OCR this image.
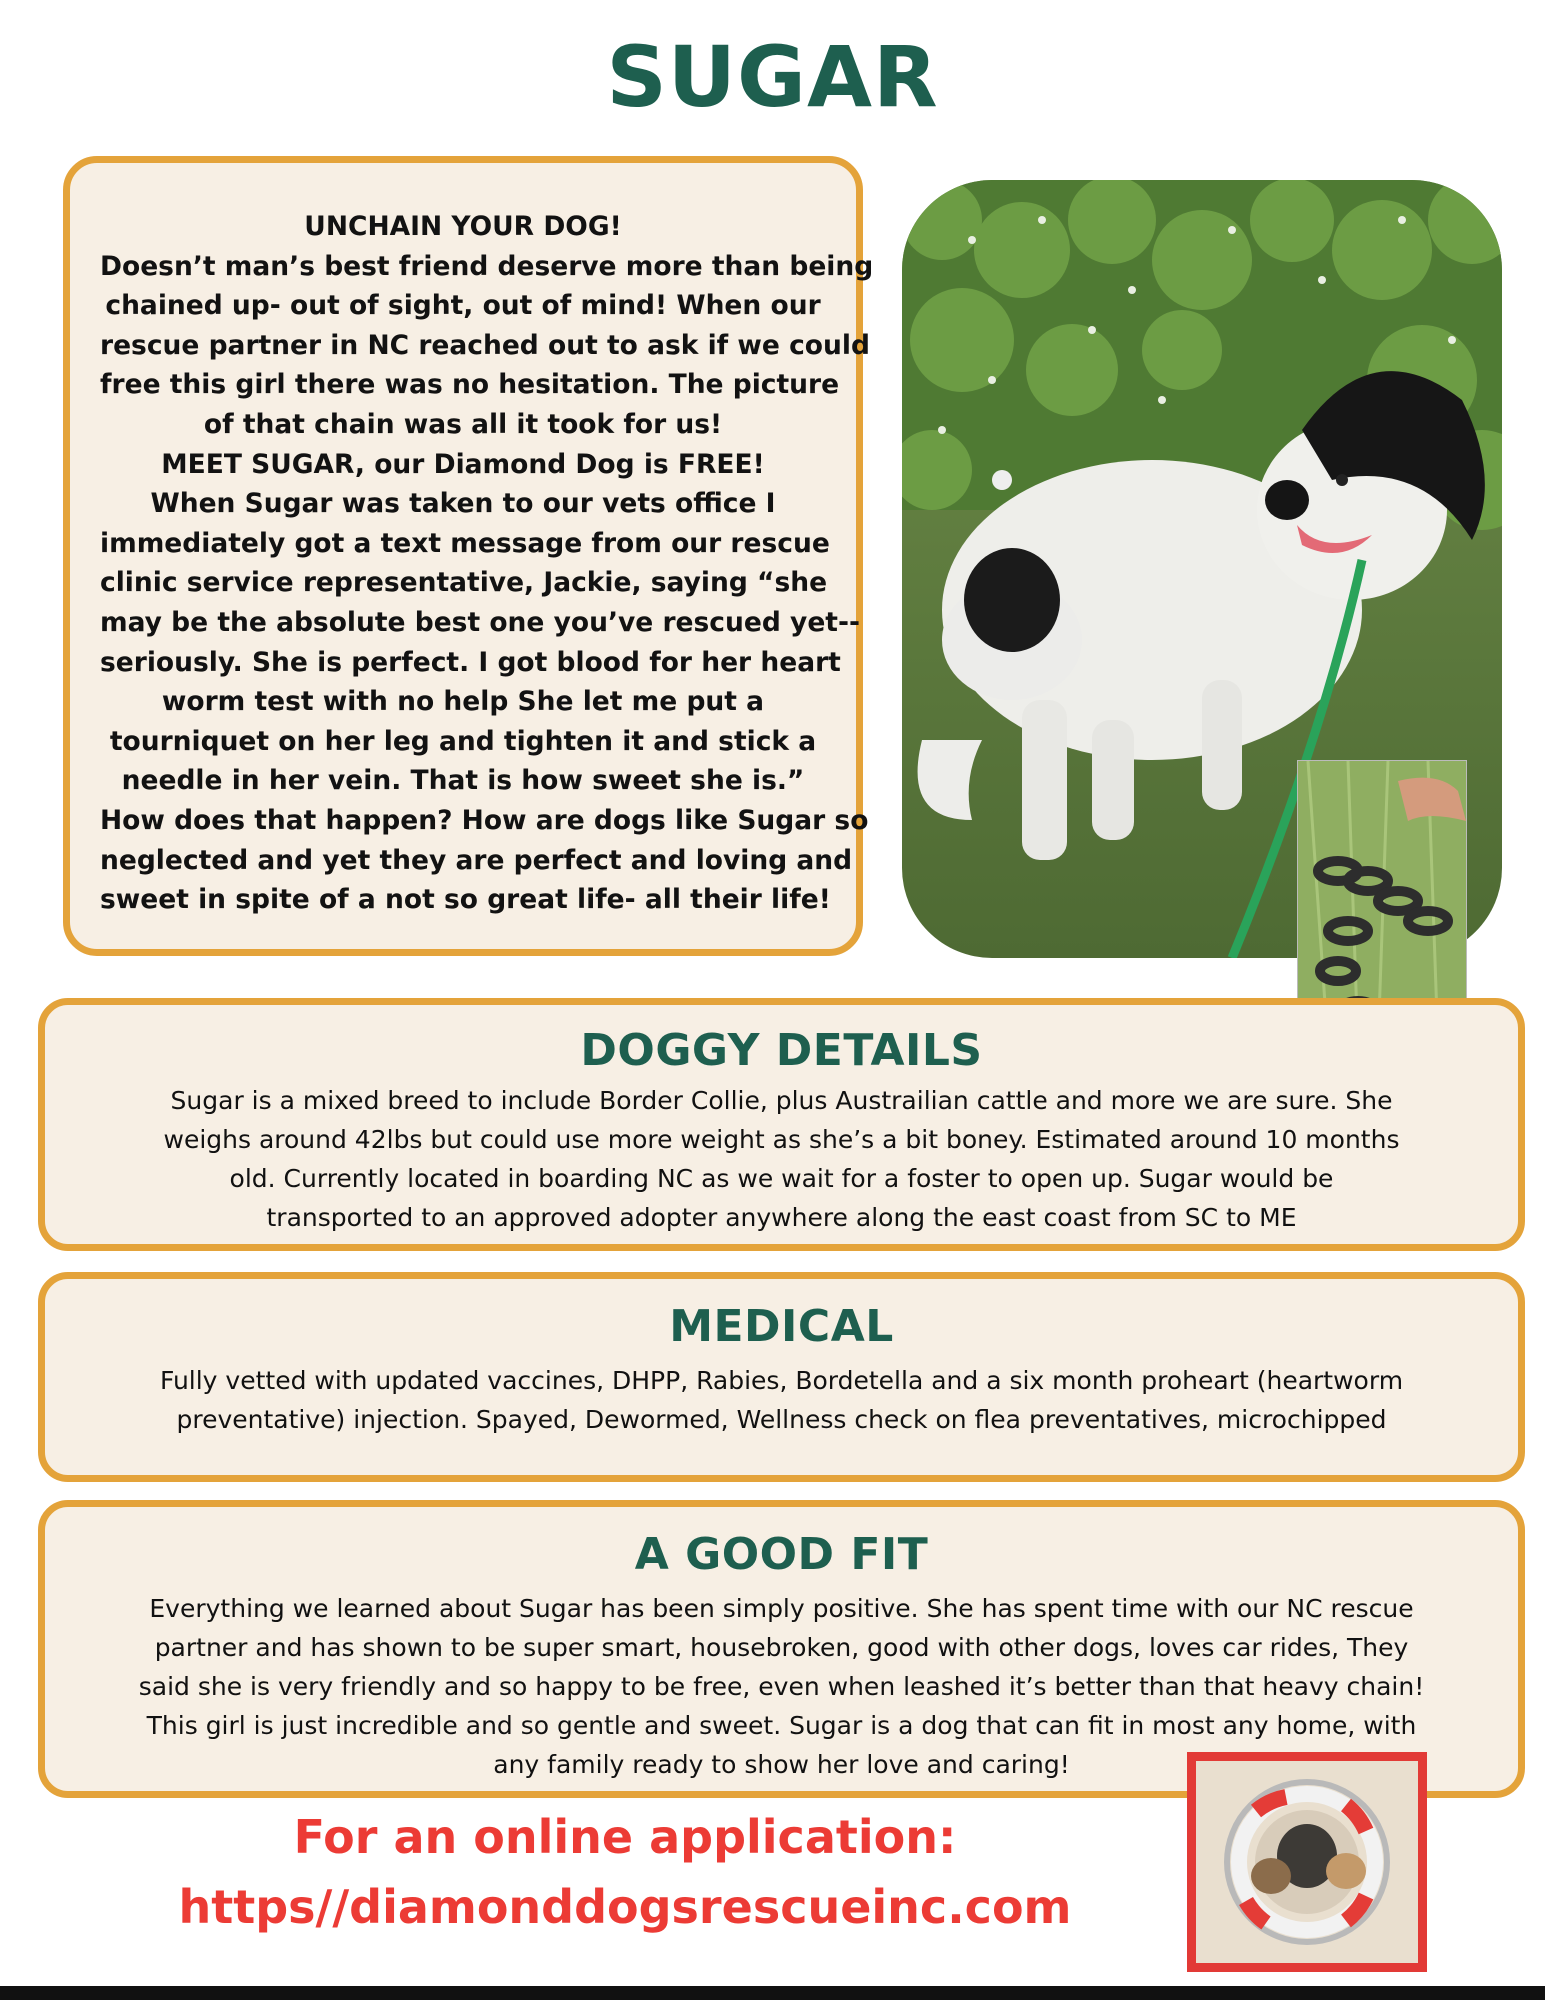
SUGAR
UNCHAIN YOUR DOG!
Doesn’t man’s best friend deserve more than being
chained up- out of sight, out of mind! When our
rescue partner in NC reached out to ask if we could
free this girl there was no hesitation. The picture
of that chain was all it took for us!
MEET SUGAR, our Diamond Dog is FREE!
When Sugar was taken to our vets office I
immediately got a text message from our rescue
clinic service representative, Jackie, saying “she
may be the absolute best one you’ve rescued yet--
seriously. She is perfect. I got blood for her heart
worm test with no help She let me put a
tourniquet on her leg and tighten it and stick a
needle in her vein. That is how sweet she is.”
How does that happen? How are dogs like Sugar so
neglected and yet they are perfect and loving and
sweet in spite of a not so great life- all their life!
DOGGY DETAILS
Sugar is a mixed breed to include Border Collie, plus Austrailian cattle and more we are sure. She
weighs around 42lbs but could use more weight as she’s a bit boney. Estimated around 10 months
old. Currently located in boarding NC as we wait for a foster to open up. Sugar would be
transported to an approved adopter anywhere along the east coast from SC to ME
MEDICAL
Fully vetted with updated vaccines, DHPP, Rabies, Bordetella and a six month proheart (heartworm
preventative) injection. Spayed, Dewormed, Wellness check on flea preventatives, microchipped
A GOOD FIT
Everything we learned about Sugar has been simply positive. She has spent time with our NC rescue
partner and has shown to be super smart, housebroken, good with other dogs, loves car rides, They
said she is very friendly and so happy to be free, even when leashed it’s better than that heavy chain!
This girl is just incredible and so gentle and sweet. Sugar is a dog that can fit in most any home, with
any family ready to show her love and caring!
For an online application:
https//diamonddogsrescueinc.com
